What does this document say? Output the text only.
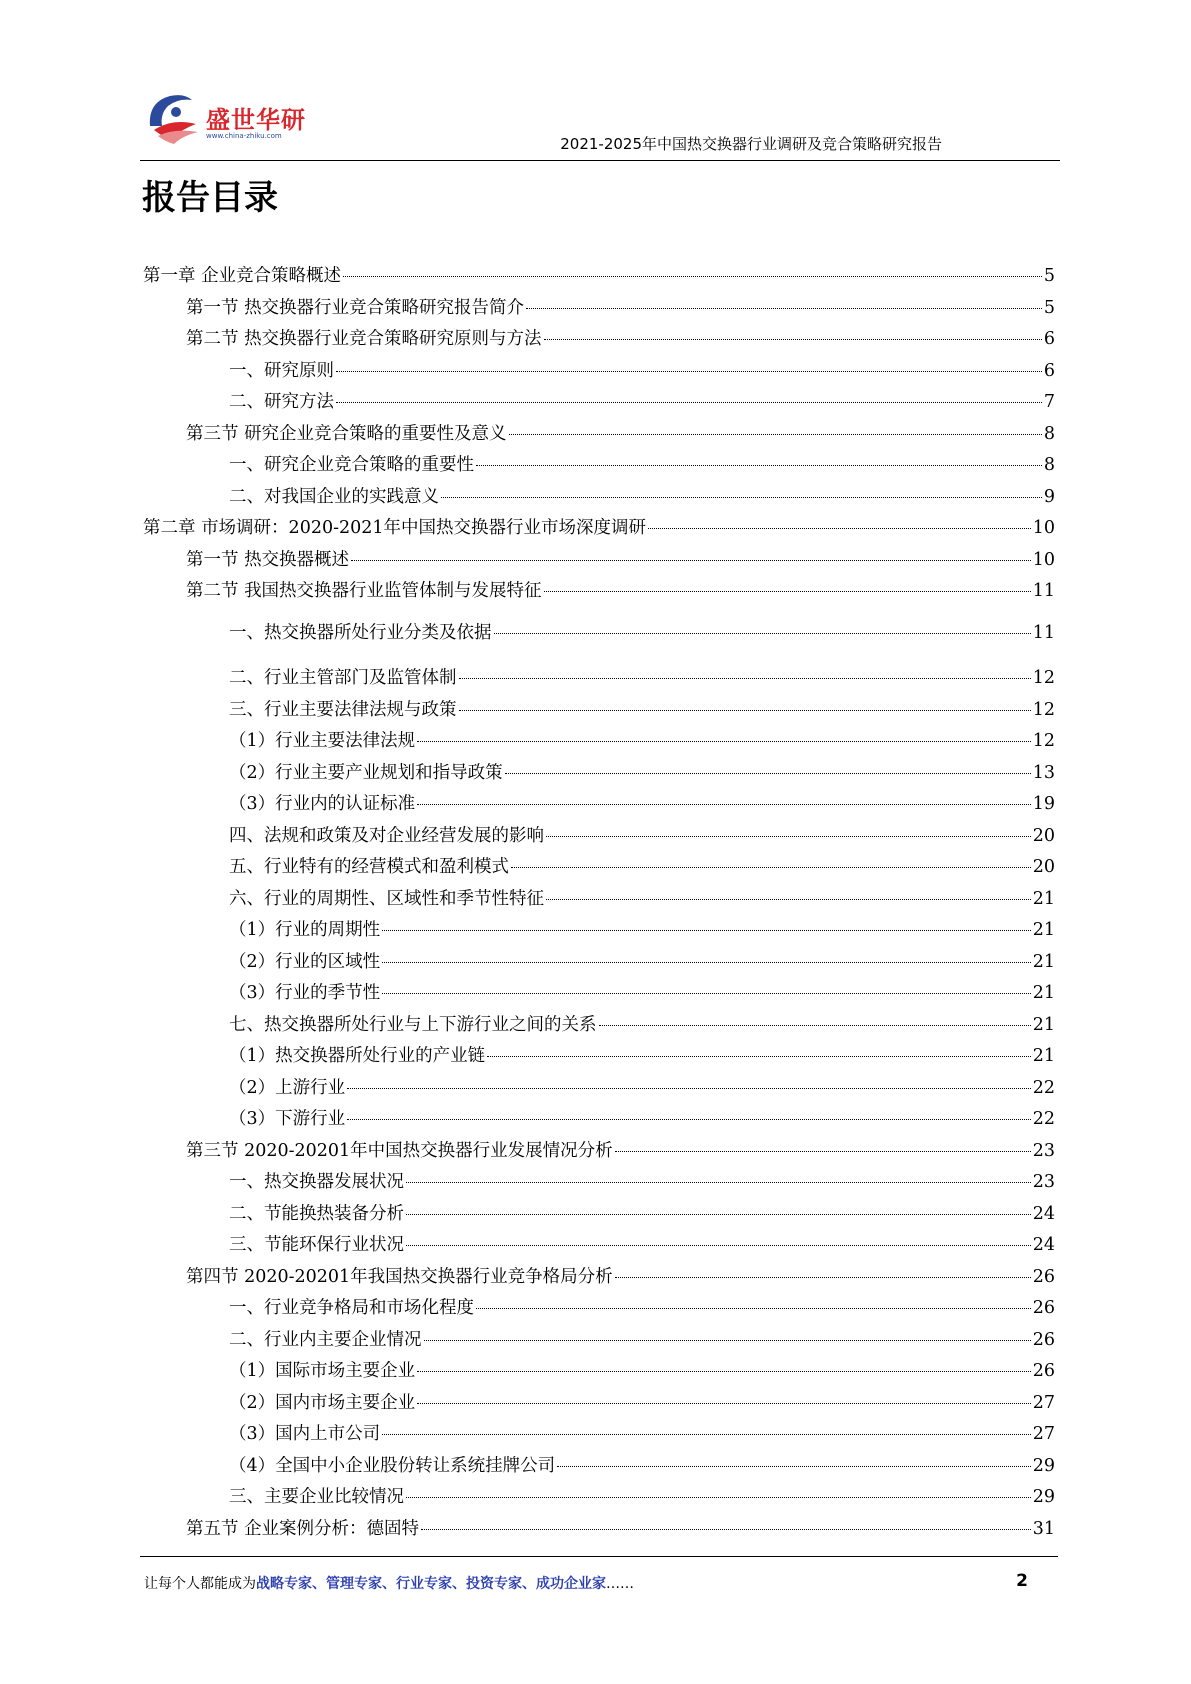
盛世华研
www.china-zhiku.com	2021-2025年中国热交换器行业调研及竞合策略研究报告
报告目录
第一章 企业竞合策略概述	5
第一节 热交换器行业竞合策略研究报告简介	5
第二节 热交换器行业竞合策略研究原则与方法	6
一、研究原则	6
二、研究方法	7
第三节 研究企业竞合策略的重要性及意义	8
一、研究企业竞合策略的重要性	8
二、对我国企业的实践意义	9
第二章 市场调研：2020-2021年中国热交换器行业市场深度调研	10
第一节 热交换器概述	10
第二节 我国热交换器行业监管体制与发展特征	11
一、热交换器所处行业分类及依据	11
二、行业主管部门及监管体制	12
三、行业主要法律法规与政策	12
（1）行业主要法律法规	12
（2）行业主要产业规划和指导政策	13
（3）行业内的认证标准	19
四、法规和政策及对企业经营发展的影响	20
五、行业特有的经营模式和盈利模式	20
六、行业的周期性、区域性和季节性特征	21
（1）行业的周期性	21
（2）行业的区域性	21
（3）行业的季节性	21
七、热交换器所处行业与上下游行业之间的关系	21
（1）热交换器所处行业的产业链	21
（2）上游行业	22
（3）下游行业	22
第三节 2020-20201年中国热交换器行业发展情况分析	23
一、热交换器发展状况	23
二、节能换热装备分析	24
三、节能环保行业状况	24
第四节 2020-20201年我国热交换器行业竞争格局分析	26
一、行业竞争格局和市场化程度	26
二、行业内主要企业情况	26
（1）国际市场主要企业	26
（2）国内市场主要企业	27
（3）国内上市公司	27
（4）全国中小企业股份转让系统挂牌公司	29
三、主要企业比较情况	29
第五节 企业案例分析：德固特	31
让每个人都能成为战略专家、管理专家、行业专家、投资专家、成功企业家……	2
